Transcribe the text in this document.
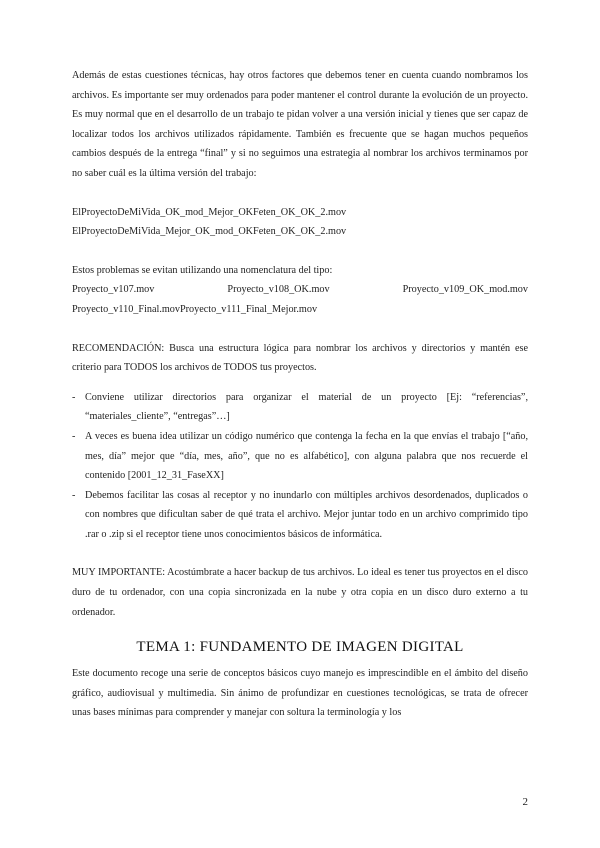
Además de estas cuestiones técnicas, hay otros factores que debemos tener en cuenta cuando nombramos los archivos. Es importante ser muy ordenados para poder mantener el control durante la evolución de un proyecto. Es muy normal que en el desarrollo de un trabajo te pidan volver a una versión inicial y tienes que ser capaz de localizar todos los archivos utilizados rápidamente. También es frecuente que se hagan muchos pequeños cambios después de la entrega “final” y si no seguimos una estrategia al nombrar los archivos terminamos por no saber cuál es la última versión del trabajo:

ElProyectoDeMiVida_OK_mod_Mejor_OKFeten_OK_OK_2.mov
ElProyectoDeMiVida_Mejor_OK_mod_OKFeten_OK_OK_2.mov
Estos problemas se evitan utilizando una nomenclatura del tipo:
Proyecto_v107.mov	Proyecto_v108_OK.mov	Proyecto_v109_OK_mod.mov
Proyecto_v110_Final.mov Proyecto_v111_Final_Mejor.mov

RECOMENDACIÓN: Busca una estructura lógica para nombrar los archivos y directorios y mantén ese criterio para TODOS los archivos de TODOS tus proyectos.

- Conviene utilizar directorios para organizar el material de un proyecto [Ej: “referencias”, “materiales_cliente”, “entregas”…]
- A veces es buena idea utilizar un código numérico que contenga la fecha en la que envías el trabajo [“año, mes, día” mejor que “día, mes, año”, que no es alfabético], con alguna palabra que nos recuerde el contenido [2001_12_31_FaseXX]
- Debemos facilitar las cosas al receptor y no inundarlo con múltiples archivos desordenados, duplicados o con nombres que dificultan saber de qué trata el archivo. Mejor juntar todo en un archivo comprimido tipo .rar o .zip si el receptor tiene unos conocimientos básicos de informática.

MUY IMPORTANTE: Acostúmbrate a hacer backup de tus archivos. Lo ideal es tener tus proyectos en el disco duro de tu ordenador, con una copia sincronizada en la nube y otra copia en un disco duro externo a tu ordenador.

TEMA 1: FUNDAMENTO DE IMAGEN DIGITAL

Este documento recoge una serie de conceptos básicos cuyo manejo es imprescindible en el ámbito del diseño gráfico, audiovisual y multimedia. Sin ánimo de profundizar en cuestiones tecnológicas, se trata de ofrecer unas bases mínimas para comprender y manejar con soltura la terminología y los

2
